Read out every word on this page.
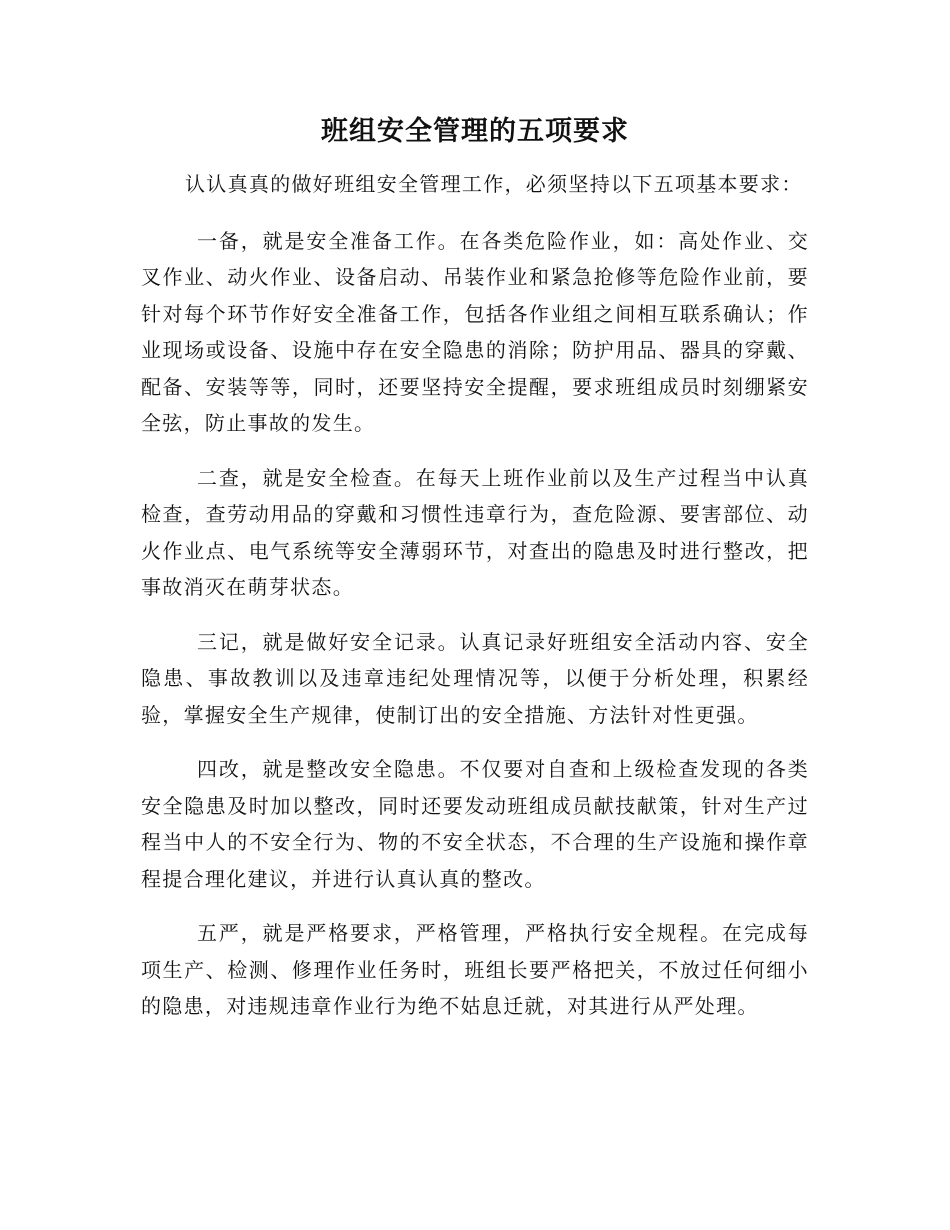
班组安全管理的五项要求

认认真真的做好班组安全管理工作，必须坚持以下五项基本要求：

一备，就是安全准备工作。在各类危险作业，如：高处作业、交叉作业、动火作业、设备启动、吊装作业和紧急抢修等危险作业前，要针对每个环节作好安全准备工作，包括各作业组之间相互联系确认；作业现场或设备、设施中存在安全隐患的消除；防护用品、器具的穿戴、配备、安装等等，同时，还要坚持安全提醒，要求班组成员时刻绷紧安全弦，防止事故的发生。

二查，就是安全检查。在每天上班作业前以及生产过程当中认真检查，查劳动用品的穿戴和习惯性违章行为，查危险源、要害部位、动火作业点、电气系统等安全薄弱环节，对查出的隐患及时进行整改，把事故消灭在萌芽状态。

三记，就是做好安全记录。认真记录好班组安全活动内容、安全隐患、事故教训以及违章违纪处理情况等，以便于分析处理，积累经验，掌握安全生产规律，使制订出的安全措施、方法针对性更强。

四改，就是整改安全隐患。不仅要对自查和上级检查发现的各类安全隐患及时加以整改，同时还要发动班组成员献技献策，针对生产过程当中人的不安全行为、物的不安全状态，不合理的生产设施和操作章程提合理化建议，并进行认真认真的整改。

五严，就是严格要求，严格管理，严格执行安全规程。在完成每项生产、检测、修理作业任务时，班组长要严格把关，不放过任何细小的隐患，对违规违章作业行为绝不姑息迁就，对其进行从严处理。
